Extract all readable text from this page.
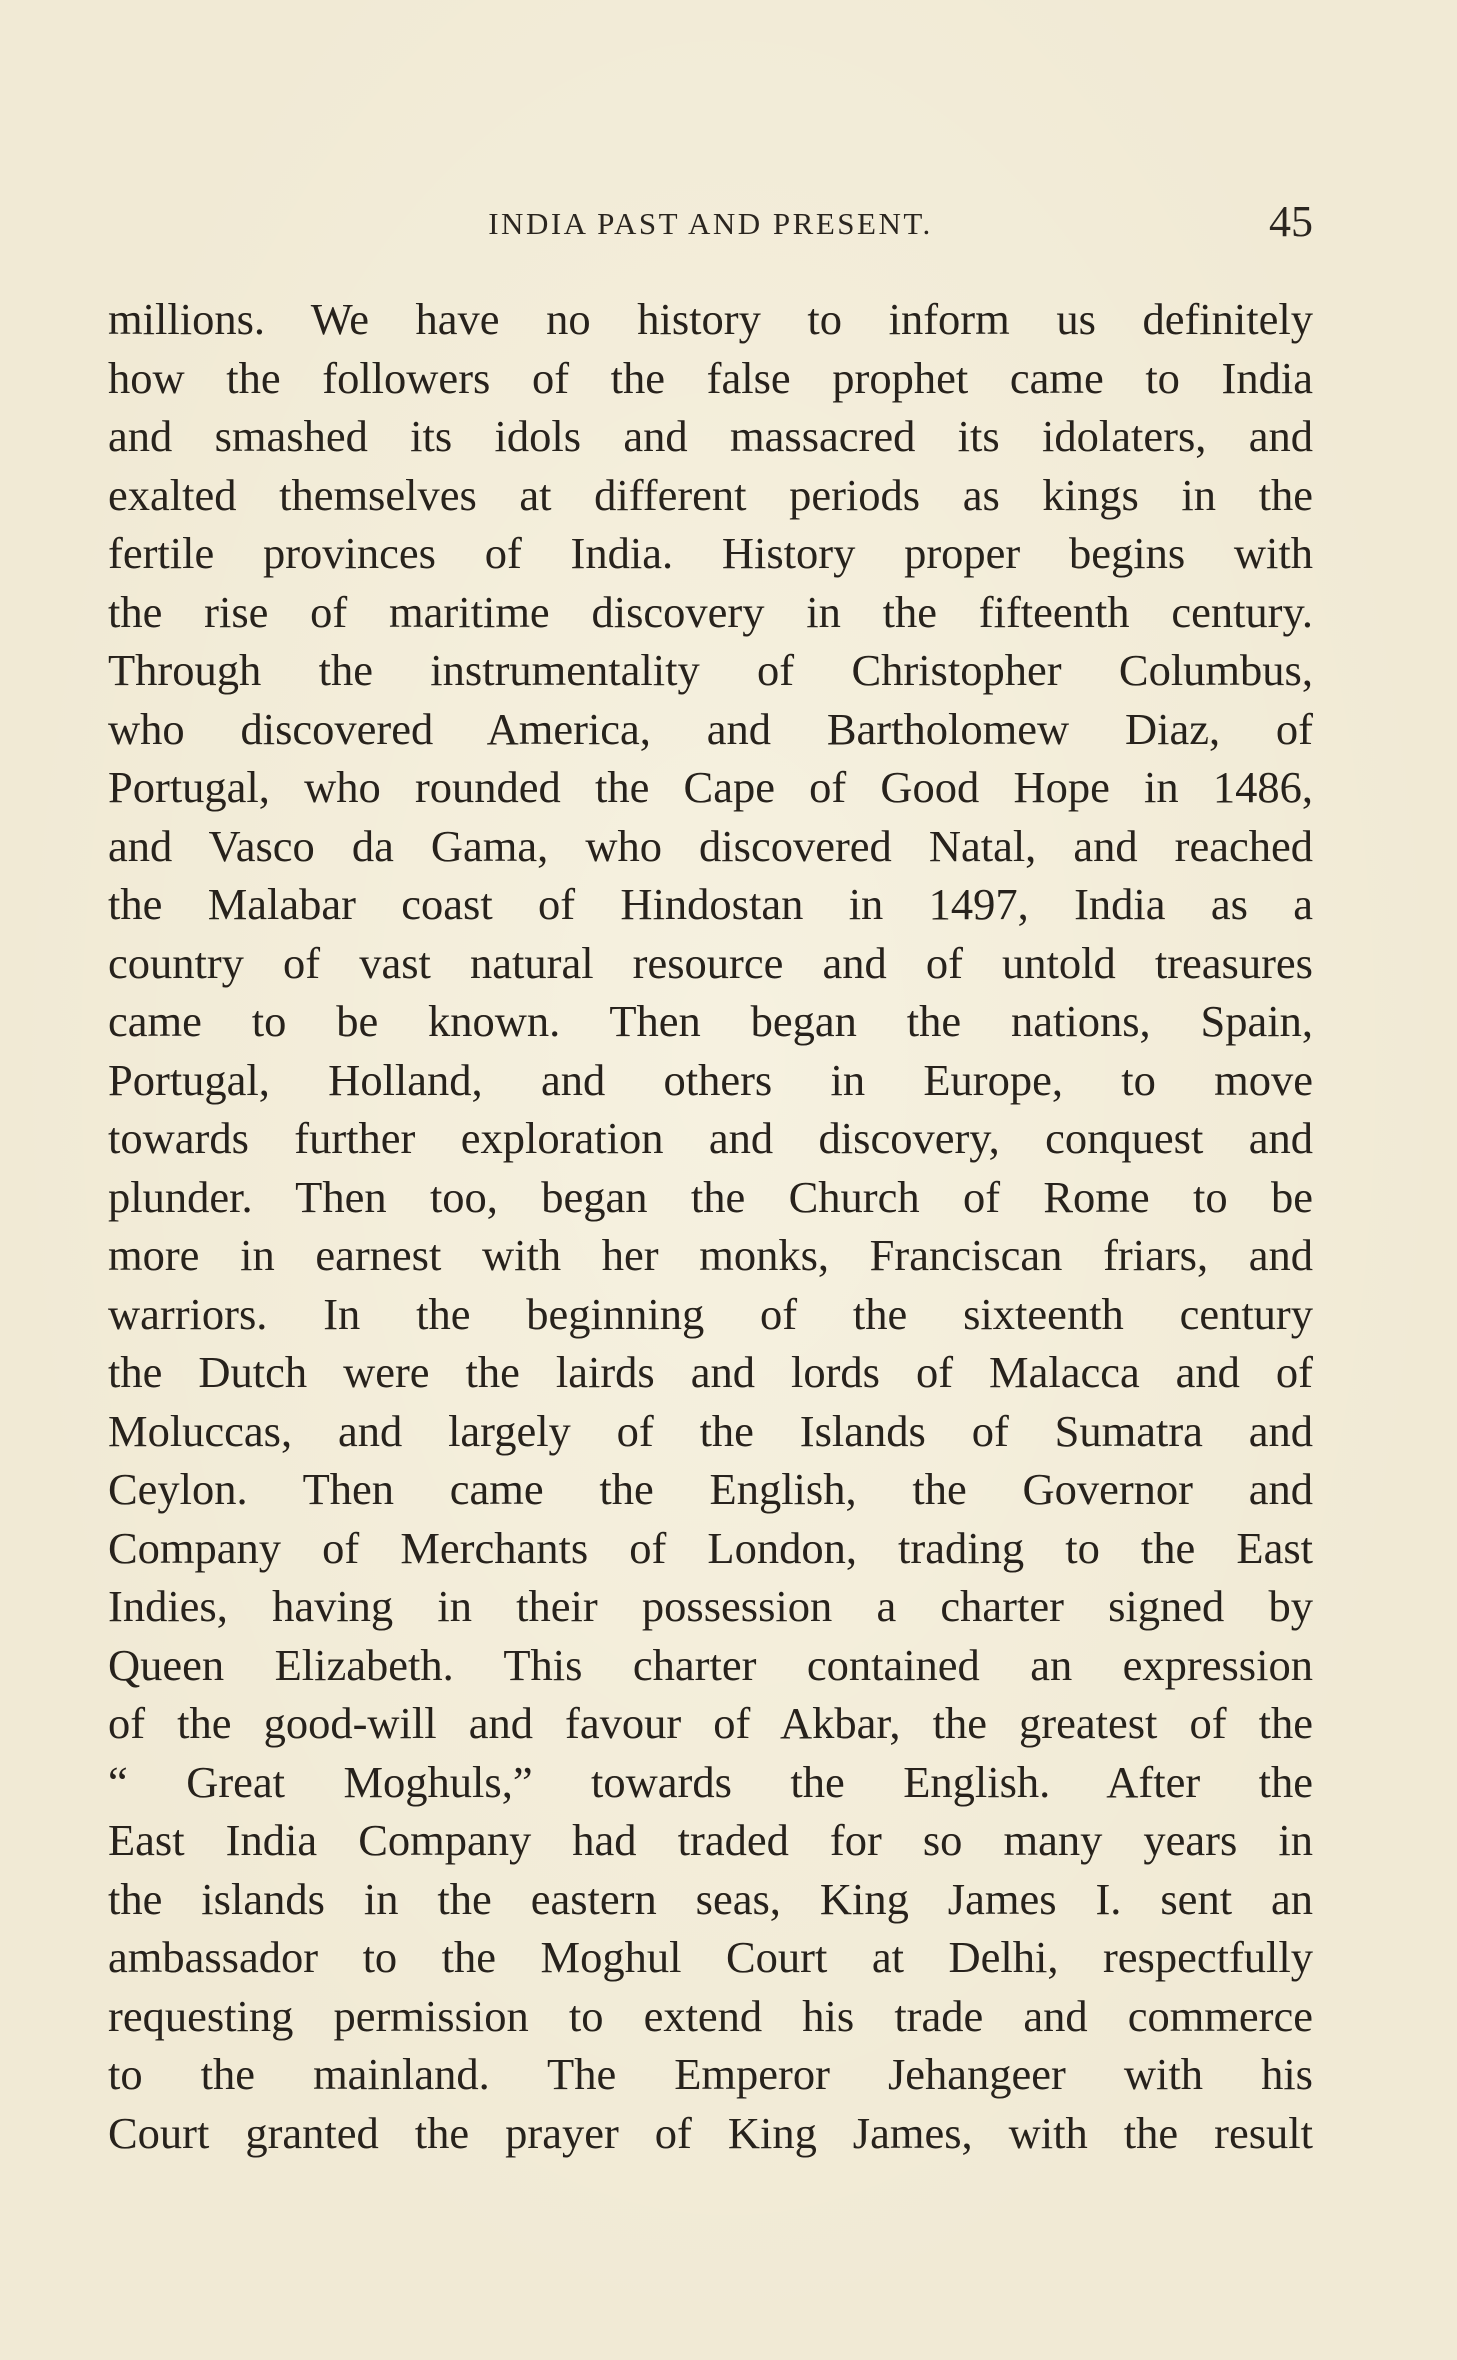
INDIA PAST AND PRESENT.	45
millions. We have no history to inform us definitely
how the followers of the false prophet came to India
and smashed its idols and massacred its idolaters, and
exalted themselves at different periods as kings in the
fertile provinces of India. History proper begins with
the rise of maritime discovery in the fifteenth century.
Through the instrumentality of Christopher Columbus,
who discovered America, and Bartholomew Diaz, of
Portugal, who rounded the Cape of Good Hope in 1486,
and Vasco da Gama, who discovered Natal, and reached
the Malabar coast of Hindostan in 1497, India as a
country of vast natural resource and of untold treasures
came to be known. Then began the nations, Spain,
Portugal, Holland, and others in Europe, to move
towards further exploration and discovery, conquest and
plunder. Then too, began the Church of Rome to be
more in earnest with her monks, Franciscan friars, and
warriors. In the beginning of the sixteenth century
the Dutch were the lairds and lords of Malacca and of
Moluccas, and largely of the Islands of Sumatra and
Ceylon. Then came the English, the Governor and
Company of Merchants of London, trading to the East
Indies, having in their possession a charter signed by
Queen Elizabeth. This charter contained an expression
of the good-will and favour of Akbar, the greatest of the
“ Great Moghuls,” towards the English. After the
East India Company had traded for so many years in
the islands in the eastern seas, King James I. sent an
ambassador to the Moghul Court at Delhi, respectfully
requesting permission to extend his trade and commerce
to the mainland. The Emperor Jehangeer with his
Court granted the prayer of King James, with the result
